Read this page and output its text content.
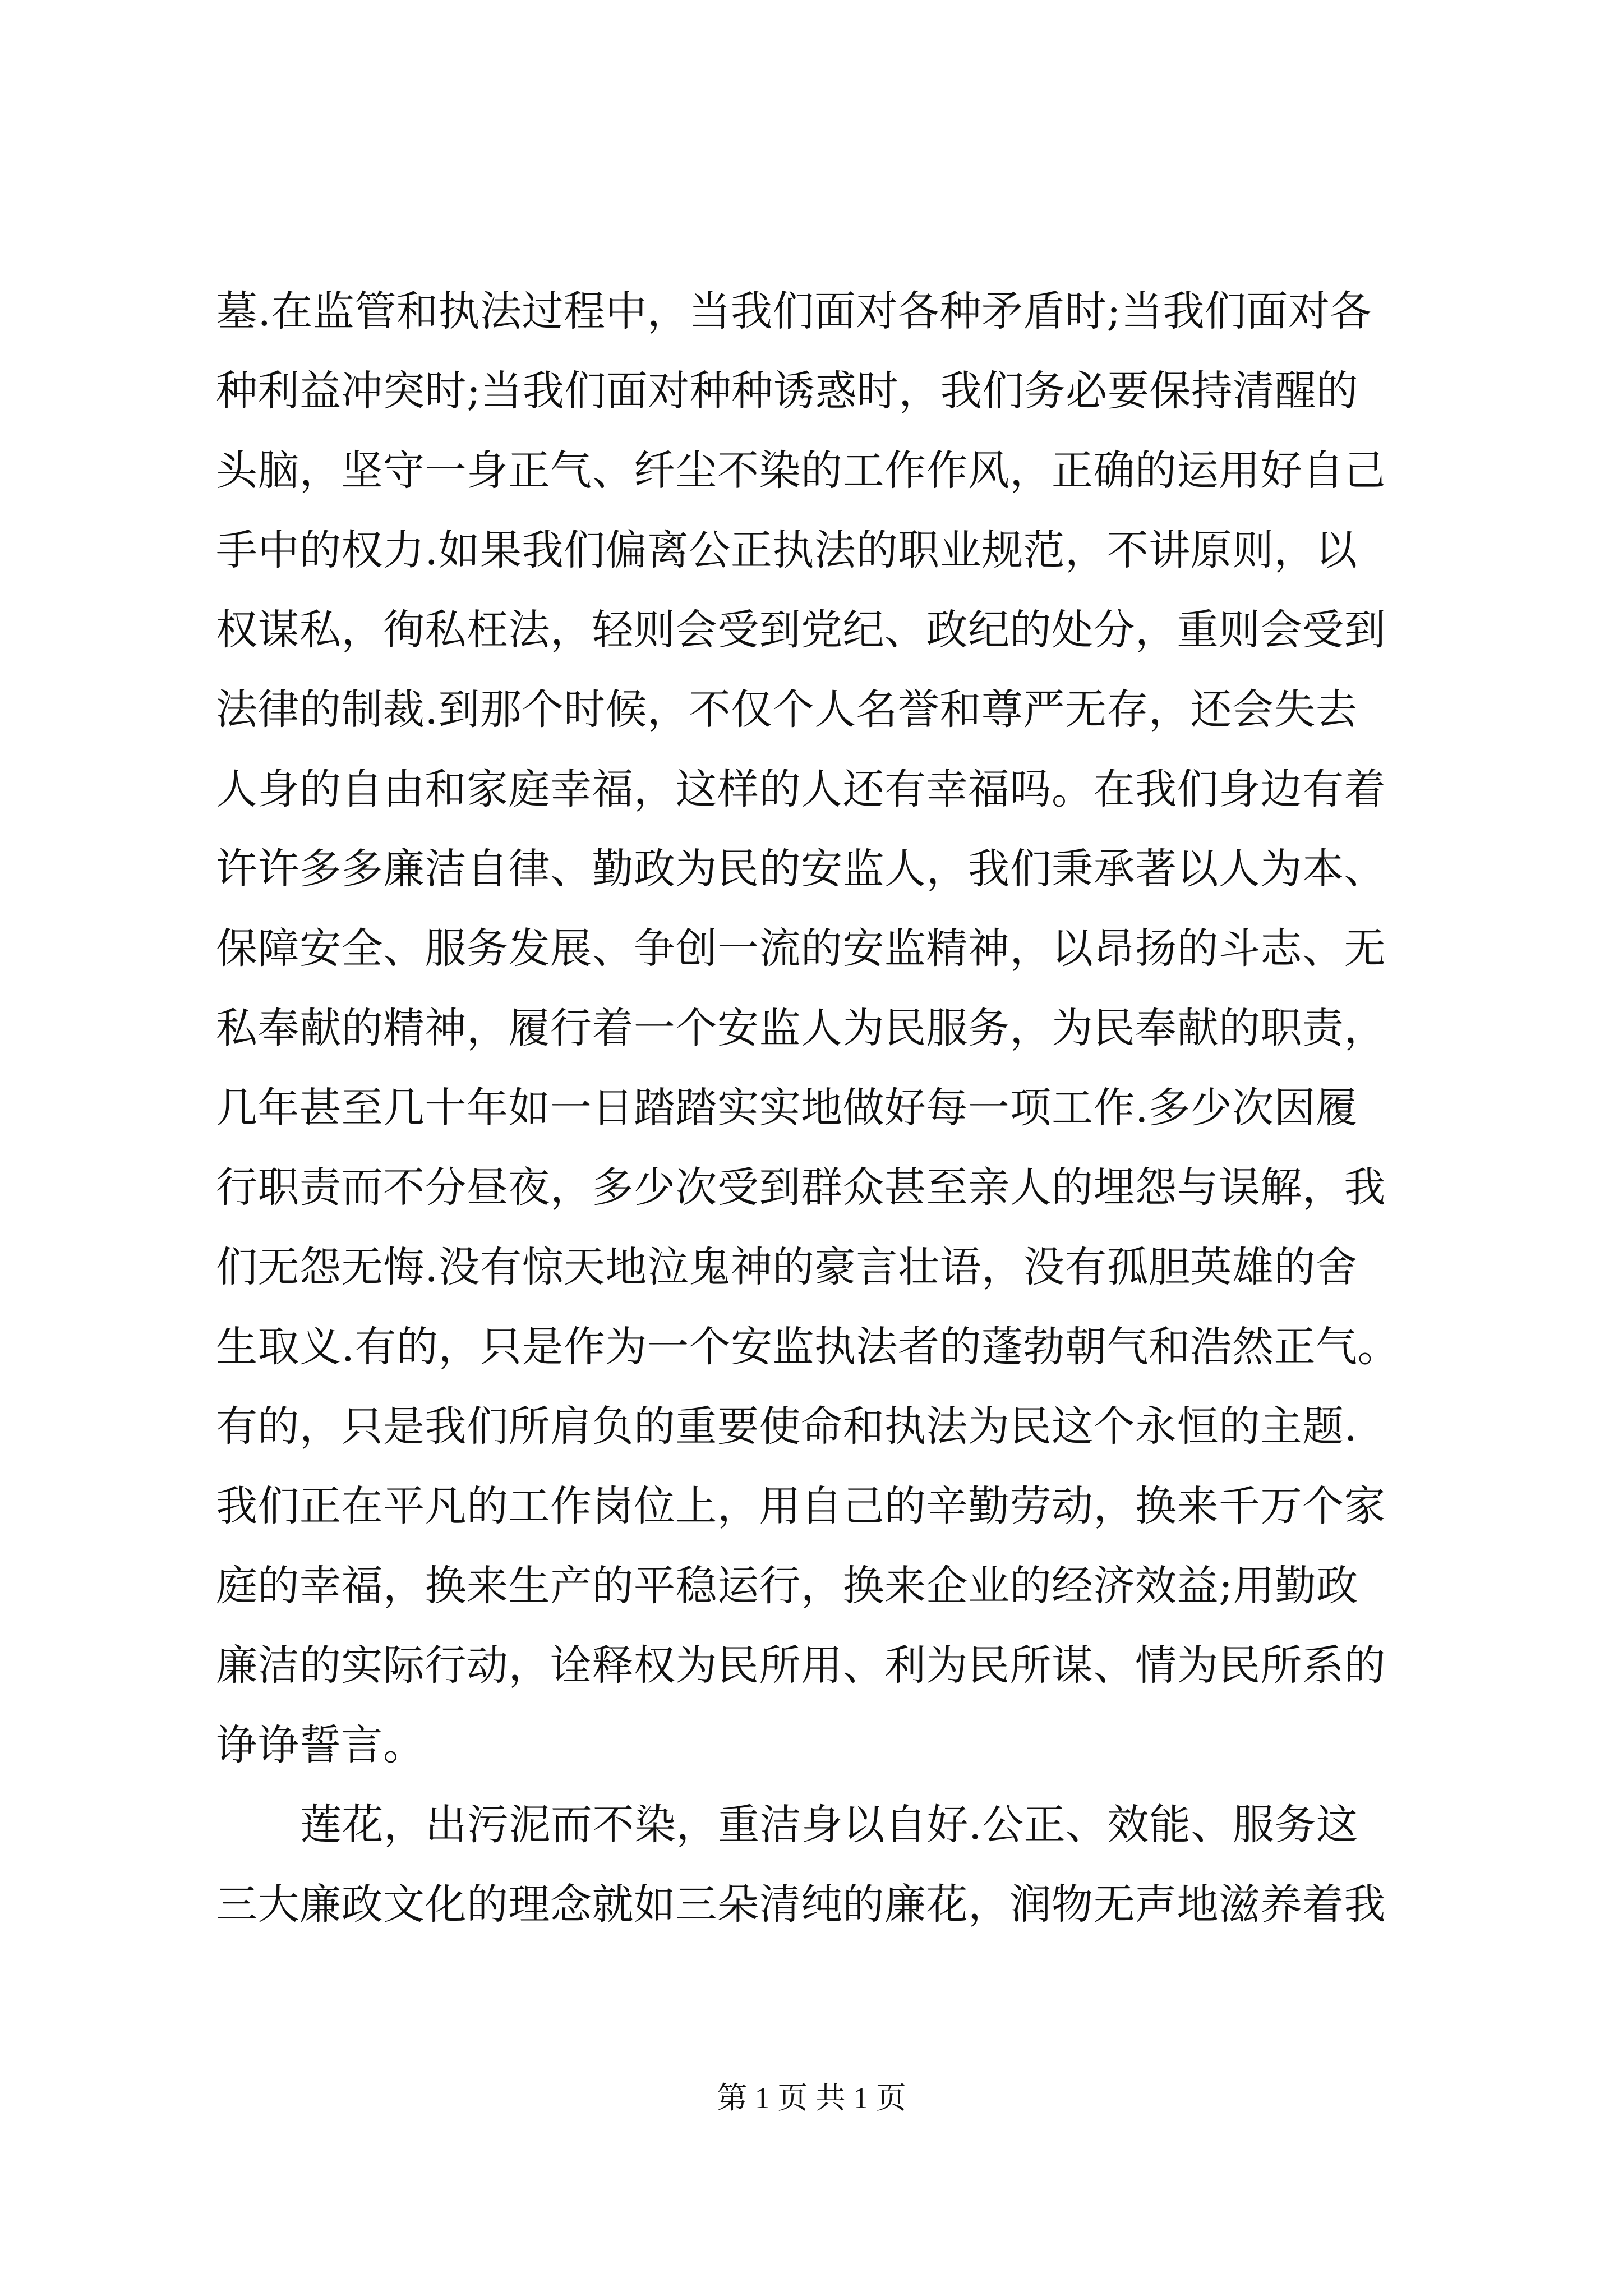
墓.在监管和执法过程中，当我们面对各种矛盾时;当我们面对各
种利益冲突时;当我们面对种种诱惑时，我们务必要保持清醒的
头脑，坚守一身正气、纤尘不染的工作作风，正确的运用好自己
手中的权力.如果我们偏离公正执法的职业规范，不讲原则，以
权谋私，徇私枉法，轻则会受到党纪、政纪的处分，重则会受到
法律的制裁.到那个时候，不仅个人名誉和尊严无存，还会失去
人身的自由和家庭幸福，这样的人还有幸福吗。在我们身边有着
许许多多廉洁自律、勤政为民的安监人，我们秉承著以人为本、
保障安全、服务发展、争创一流的安监精神，以昂扬的斗志、无
私奉献的精神，履行着一个安监人为民服务，为民奉献的职责，
几年甚至几十年如一日踏踏实实地做好每一项工作.多少次因履
行职责而不分昼夜，多少次受到群众甚至亲人的埋怨与误解，我
们无怨无悔.没有惊天地泣鬼神的豪言壮语，没有孤胆英雄的舍
生取义.有的，只是作为一个安监执法者的蓬勃朝气和浩然正气。
有的，只是我们所肩负的重要使命和执法为民这个永恒的主题.
我们正在平凡的工作岗位上，用自己的辛勤劳动，换来千万个家
庭的幸福，换来生产的平稳运行，换来企业的经济效益;用勤政
廉洁的实际行动，诠释权为民所用、利为民所谋、情为民所系的
诤诤誓言。
莲花，出污泥而不染，重洁身以自好.公正、效能、服务这
三大廉政文化的理念就如三朵清纯的廉花，润物无声地滋养着我
第 1 页 共 1 页
